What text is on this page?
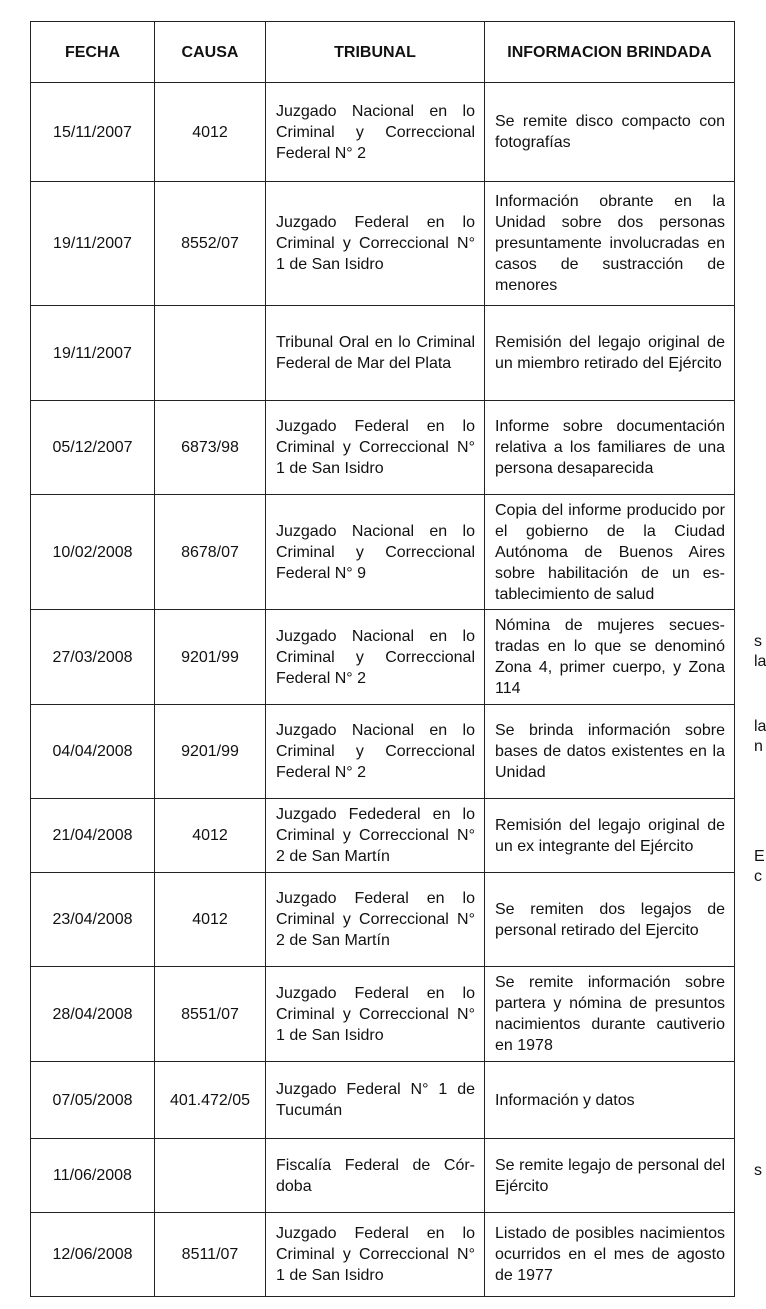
FECHA	CAUSA	TRIBUNAL	INFORMACION BRINDADA
15/11/2007	4012	Juzgado Nacional en lo Criminal y Correccional Federal N° 2	Se remite disco compacto con fotografías
19/11/2007	8552/07	Juzgado Federal en lo Criminal y Correccional N° 1 de San Isidro	Información obrante en la Unidad sobre dos personas presuntamente involucradas en casos de sustracción de menores
19/11/2007		Tribunal Oral en lo Criminal Federal de Mar del Plata	Remisión del legajo original de un miembro retirado del Ejército
05/12/2007	6873/98	Juzgado Federal en lo Criminal y Correccional N° 1 de San Isidro	Informe sobre documentación relativa a los familiares de una persona desaparecida
10/02/2008	8678/07	Juzgado Nacional en lo Criminal y Correccional Federal N° 9	Copia del informe producido por el gobierno de la Ciudad Autónoma de Buenos Aires sobre habilitación de un establecimiento de salud
27/03/2008	9201/99	Juzgado Nacional en lo Criminal y Correccional Federal N° 2	Nómina de mujeres secuestradas en lo que se denominó Zona 4, primer cuerpo, y Zona 114
04/04/2008	9201/99	Juzgado Nacional en lo Criminal y Correccional Federal N° 2	Se brinda información sobre bases de datos existentes en la Unidad
21/04/2008	4012	Juzgado Fedederal en lo Criminal y Correccional N° 2 de San Martín	Remisión del legajo original de un ex integrante del Ejército
23/04/2008	4012	Juzgado Federal en lo Criminal y Correccional N° 2 de San Martín	Se remiten dos legajos de personal retirado del Ejercito
28/04/2008	8551/07	Juzgado Federal en lo Criminal y Correccional N° 1 de San Isidro	Se remite información sobre partera y nómina de presuntos nacimientos durante cautiverio en 1978
07/05/2008	401.472/05	Juzgado Federal N° 1 de Tucumán	Información y datos
11/06/2008		Fiscalía Federal de Córdoba	Se remite legajo de personal del Ejército
12/06/2008	8511/07	Juzgado Federal en lo Criminal y Correccional N° 1 de San Isidro	Listado de posibles nacimientos ocurridos en el mes de agosto de 1977
s
la
la
n
E
c
s
